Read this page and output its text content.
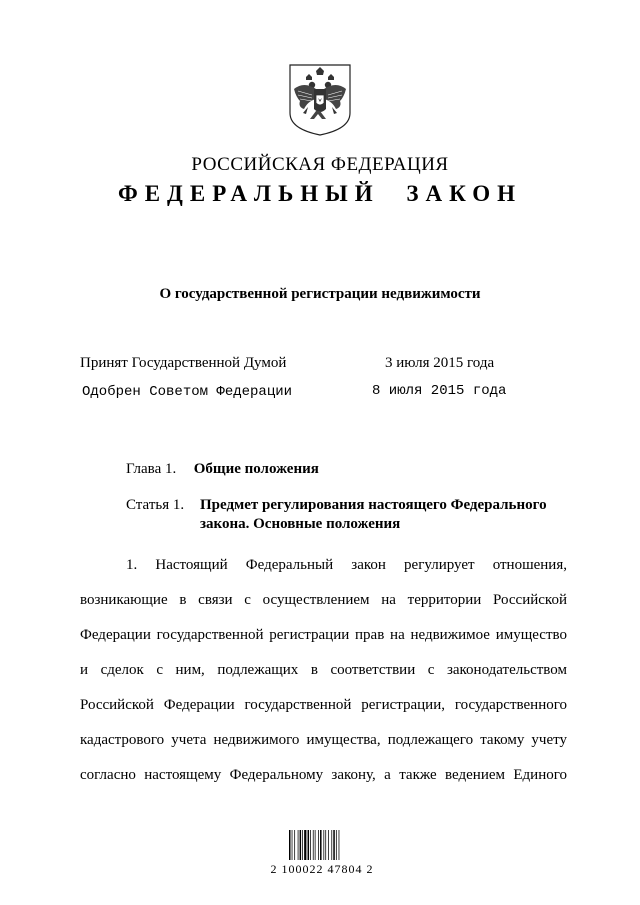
РОССИЙСКАЯ ФЕДЕРАЦИЯ
ФЕДЕРАЛЬНЫЙ ЗАКОН
О государственной регистрации недвижимости
Принят Государственной Думой	3 июля 2015 года
Одобрен Советом Федерации	8 июля 2015 года
Глава 1. Общие положения
Статья 1.	Предмет регулирования настоящего Федерального
закона. Основные положения

1. Настоящий Федеральный закон регулирует отношения,

возникающие в связи с осуществлением на территории Российской

Федерации государственной регистрации прав на недвижимое имущество

и сделок с ним, подлежащих в соответствии с законодательством

Российской Федерации государственной регистрации, государственного

кадастрового учета недвижимого имущества, подлежащего такому учету

согласно настоящему Федеральному закону, а также ведением Единого

2 100022 47804 2
